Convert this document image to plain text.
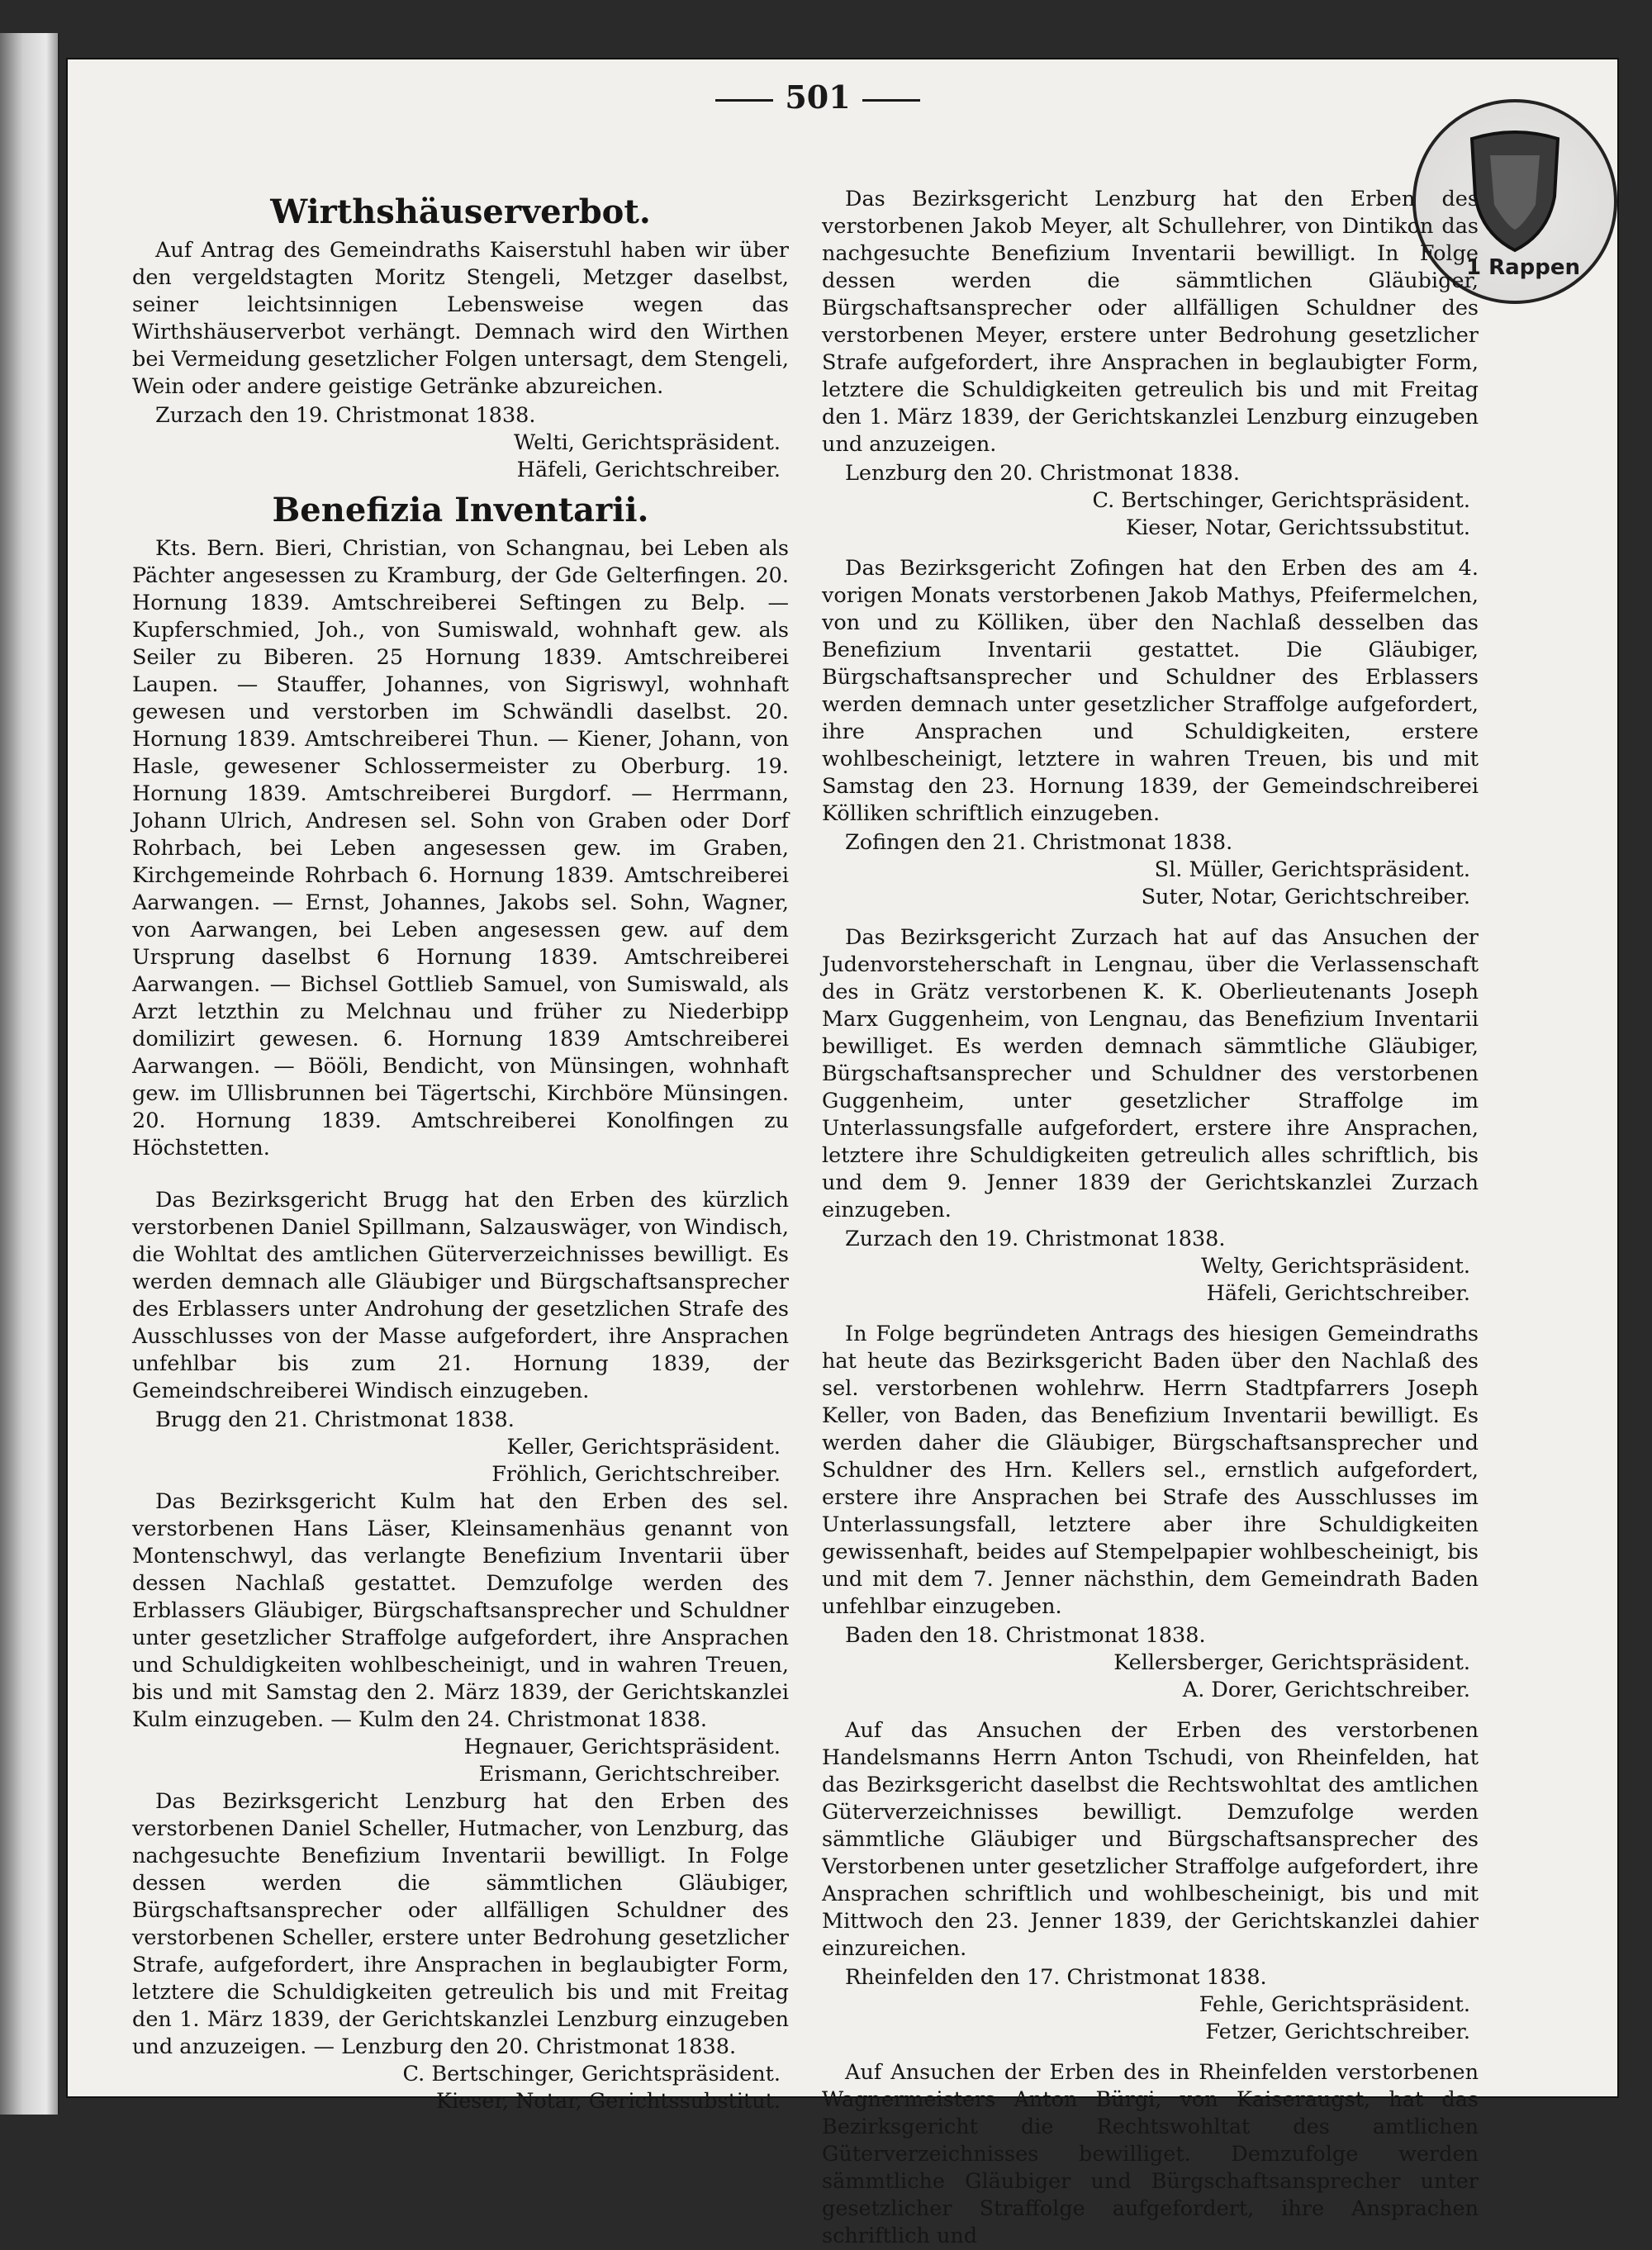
501
1 Rappen
Wirthshäuserverbot.

Auf Antrag des Gemeindraths Kaiserstuhl haben wir über den vergeldstagten Moritz Stengeli, Metzger daselbst, seiner leichtsinnigen Lebensweise wegen das Wirthshäuserverbot verhängt. Demnach wird den Wirthen bei Vermeidung gesetzlicher Folgen untersagt, dem Stengeli, Wein oder andere geistige Getränke abzureichen.

Zurzach den 19. Christmonat 1838.
Welti, Gerichtspräsident.
Häfeli, Gerichtschreiber.
Benefizia Inventarii.

Kts. Bern. Bieri, Christian, von Schangnau, bei Leben als Pächter angesessen zu Kramburg, der Gde Gelterfingen. 20. Hornung 1839. Amtschreiberei Seftingen zu Belp. — Kupferschmied, Joh., von Sumiswald, wohnhaft gew. als Seiler zu Biberen. 25 Hornung 1839. Amtschreiberei Laupen. — Stauffer, Johannes, von Sigriswyl, wohnhaft gewesen und verstorben im Schwändli daselbst. 20. Hornung 1839. Amtschreiberei Thun. — Kiener, Johann, von Hasle, gewesener Schlossermeister zu Oberburg. 19. Hornung 1839. Amtschreiberei Burgdorf. — Herrmann, Johann Ulrich, Andresen sel. Sohn von Graben oder Dorf Rohrbach, bei Leben angesessen gew. im Graben, Kirchgemeinde Rohrbach 6. Hornung 1839. Amtschreiberei Aarwangen. — Ernst, Johannes, Jakobs sel. Sohn, Wagner, von Aarwangen, bei Leben angesessen gew. auf dem Ursprung daselbst 6 Hornung 1839. Amtschreiberei Aarwangen. — Bichsel Gottlieb Samuel, von Sumiswald, als Arzt letzthin zu Melchnau und früher zu Niederbipp domilizirt gewesen. 6. Hornung 1839 Amtschreiberei Aarwangen. — Bööli, Bendicht, von Münsingen, wohnhaft gew. im Ullisbrunnen bei Tägertschi, Kirchböre Münsingen. 20. Hornung 1839. Amtschreiberei Konolfingen zu Höchstetten.

Das Bezirksgericht Brugg hat den Erben des kürzlich verstorbenen Daniel Spillmann, Salzauswäger, von Windisch, die Wohltat des amtlichen Güterverzeichnisses bewilligt. Es werden demnach alle Gläubiger und Bürgschaftsansprecher des Erblassers unter Androhung der gesetzlichen Strafe des Ausschlusses von der Masse aufgefordert, ihre Ansprachen unfehlbar bis zum 21. Hornung 1839, der Gemeindschreiberei Windisch einzugeben.

Brugg den 21. Christmonat 1838.
Keller, Gerichtspräsident.
Fröhlich, Gerichtschreiber.

Das Bezirksgericht Kulm hat den Erben des sel. verstorbenen Hans Läser, Kleinsamenhäus genannt von Montenschwyl, das verlangte Benefizium Inventarii über dessen Nachlaß gestattet. Demzufolge werden des Erblassers Gläubiger, Bürgschaftsansprecher und Schuldner unter gesetzlicher Straffolge aufgefordert, ihre Ansprachen und Schuldigkeiten wohlbescheinigt, und in wahren Treuen, bis und mit Samstag den 2. März 1839, der Gerichtskanzlei Kulm einzugeben. — Kulm den 24. Christmonat 1838.

Hegnauer, Gerichtspräsident.
Erismann, Gerichtschreiber.

Das Bezirksgericht Lenzburg hat den Erben des verstorbenen Daniel Scheller, Hutmacher, von Lenzburg, das nachgesuchte Benefizium Inventarii bewilligt. In Folge dessen werden die sämmtlichen Gläubiger, Bürgschaftsansprecher oder allfälligen Schuldner des verstorbenen Scheller, erstere unter Bedrohung gesetzlicher Strafe, aufgefordert, ihre Ansprachen in beglaubigter Form, letztere die Schuldigkeiten getreulich bis und mit Freitag den 1. März 1839, der Gerichtskanzlei Lenzburg einzugeben und anzuzeigen. — Lenzburg den 20. Christmonat 1838.

C. Bertschinger, Gerichtspräsident.
Kieser, Notar, Gerichtssubstitut.

Das Bezirksgericht Lenzburg hat den Erben des verstorbenen Jakob Meyer, alt Schullehrer, von Dintikon das nachgesuchte Benefizium Inventarii bewilligt. In Folge dessen werden die sämmtlichen Gläubiger, Bürgschaftsansprecher oder allfälligen Schuldner des verstorbenen Meyer, erstere unter Bedrohung gesetzlicher Strafe aufgefordert, ihre Ansprachen in beglaubigter Form, letztere die Schuldigkeiten getreulich bis und mit Freitag den 1. März 1839, der Gerichtskanzlei Lenzburg einzugeben und anzuzeigen.

Lenzburg den 20. Christmonat 1838.
C. Bertschinger, Gerichtspräsident.
Kieser, Notar, Gerichtssubstitut.

Das Bezirksgericht Zofingen hat den Erben des am 4. vorigen Monats verstorbenen Jakob Mathys, Pfeifermelchen, von und zu Kölliken, über den Nachlaß desselben das Benefizium Inventarii gestattet. Die Gläubiger, Bürgschaftsansprecher und Schuldner des Erblassers werden demnach unter gesetzlicher Straffolge aufgefordert, ihre Ansprachen und Schuldigkeiten, erstere wohlbescheinigt, letztere in wahren Treuen, bis und mit Samstag den 23. Hornung 1839, der Gemeindschreiberei Kölliken schriftlich einzugeben.

Zofingen den 21. Christmonat 1838.
Sl. Müller, Gerichtspräsident.
Suter, Notar, Gerichtschreiber.

Das Bezirksgericht Zurzach hat auf das Ansuchen der Judenvorsteherschaft in Lengnau, über die Verlassenschaft des in Grätz verstorbenen K. K. Oberlieutenants Joseph Marx Guggenheim, von Lengnau, das Benefizium Inventarii bewilliget. Es werden demnach sämmtliche Gläubiger, Bürgschaftsansprecher und Schuldner des verstorbenen Guggenheim, unter gesetzlicher Straffolge im Unterlassungsfalle aufgefordert, erstere ihre Ansprachen, letztere ihre Schuldigkeiten getreulich alles schriftlich, bis und dem 9. Jenner 1839 der Gerichtskanzlei Zurzach einzugeben.

Zurzach den 19. Christmonat 1838.
Welty, Gerichtspräsident.
Häfeli, Gerichtschreiber.

In Folge begründeten Antrags des hiesigen Gemeindraths hat heute das Bezirksgericht Baden über den Nachlaß des sel. verstorbenen wohlehrw. Herrn Stadtpfarrers Joseph Keller, von Baden, das Benefizium Inventarii bewilligt. Es werden daher die Gläubiger, Bürgschaftsansprecher und Schuldner des Hrn. Kellers sel., ernstlich aufgefordert, erstere ihre Ansprachen bei Strafe des Ausschlusses im Unterlassungsfall, letztere aber ihre Schuldigkeiten gewissenhaft, beides auf Stempelpapier wohlbescheinigt, bis und mit dem 7. Jenner nächsthin, dem Gemeindrath Baden unfehlbar einzugeben.

Baden den 18. Christmonat 1838.
Kellersberger, Gerichtspräsident.
A. Dorer, Gerichtschreiber.

Auf das Ansuchen der Erben des verstorbenen Handelsmanns Herrn Anton Tschudi, von Rheinfelden, hat das Bezirksgericht daselbst die Rechtswohltat des amtlichen Güterverzeichnisses bewilligt. Demzufolge werden sämmtliche Gläubiger und Bürgschaftsansprecher des Verstorbenen unter gesetzlicher Straffolge aufgefordert, ihre Ansprachen schriftlich und wohlbescheinigt, bis und mit Mittwoch den 23. Jenner 1839, der Gerichtskanzlei dahier einzureichen.

Rheinfelden den 17. Christmonat 1838.
Fehle, Gerichtspräsident.
Fetzer, Gerichtschreiber.

Auf Ansuchen der Erben des in Rheinfelden verstorbenen Wagnermeisters Anton Bürgi, von Kaiseraugst, hat das Bezirksgericht die Rechtswohltat des amtlichen Güterverzeichnisses bewilliget. Demzufolge werden sämmtliche Gläubiger und Bürgschaftsansprecher unter gesetzlicher Straffolge aufgefordert, ihre Ansprachen schriftlich und
